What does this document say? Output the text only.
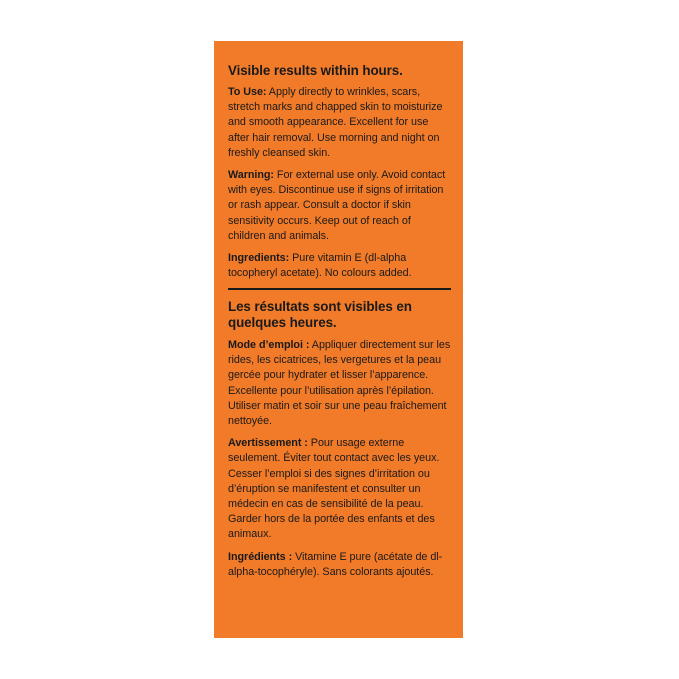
Visible results within hours.
To Use: Apply directly to wrinkles, scars, stretch marks and chapped skin to moisturize and smooth appearance. Excellent for use after hair removal. Use morning and night on freshly cleansed skin.
Warning: For external use only. Avoid contact with eyes. Discontinue use if signs of irritation or rash appear. Consult a doctor if skin sensitivity occurs. Keep out of reach of children and animals.
Ingredients: Pure vitamin E (dl-alpha tocopheryl acetate). No colours added.
Les résultats sont visibles en quelques heures.
Mode d’emploi : Appliquer directement sur les rides, les cicatrices, les vergetures et la peau gercée pour hydrater et lisser l’apparence. Excellente pour l’utilisation après l’épilation. Utiliser matin et soir sur une peau fraîchement nettoyée.
Avertissement : Pour usage externe seulement. Éviter tout contact avec les yeux. Cesser l’emploi si des signes d’irritation ou d’éruption se manifestent et consulter un médecin en cas de sensibilité de la peau. Garder hors de la portée des enfants et des animaux.
Ingrédients : Vitamine E pure (acétate de dl-alpha-tocophéryle). Sans colorants ajoutés.
